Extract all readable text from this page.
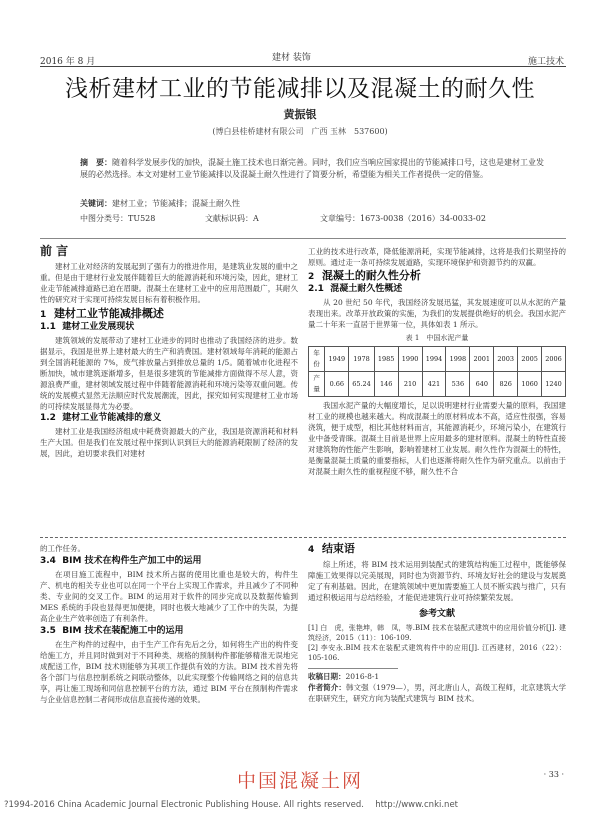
2016 年 8 月	建材 装饰	施工技术
浅析建材工业的节能减排以及混凝土的耐久性
黄振银
(博白县桂桥建材有限公司　广西 玉林　537600)
摘　要：随着科学发展步伐的加快，混凝土施工技术也日渐完善。同时，我们应当响应国家提出的节能减排口号，这也是建材工业发展的必然选择。本文对建材工业节能减排以及混凝土耐久性进行了简要分析，希望能为相关工作者提供一定的借鉴。
关键词：建材工业；节能减排；混凝土耐久性
中图分类号：TU528	文献标识码：A	文章编号：1673-0038（2016）34-0033-02
前 言

建材工业对经济的发展起到了强有力的推进作用，是建筑业发展的重中之重。但是由于建材行业发展伴随着巨大的能源消耗和环境污染，因此，建材工业走节能减排道路已迫在眉睫。混凝土在建材工业中的应用范围最广，其耐久性的研究对于实现可持续发展目标有着积极作用。

1 建材工业节能减排概述
1.1 建材工业发展现状

建筑领域的发展带动了建材工业进步的同时也推动了我国经济的进步。数据显示，我国是世界上建材最大的生产和消费国。建材领域每年消耗的能源占到全国消耗能源的 7%，废气排放量占到排放总量的 1/5。随着城市化进程不断加快，城市建筑逐渐增多，但是很多建筑的节能减排方面做得不尽人意，资源浪费严重，建材领域发展过程中伴随着能源消耗和环境污染等双重问题。传统的发展模式显然无法顺应时代发展潮流，因此，探究如何实现建材工业市场的可持续发展显得尤为必要。

1.2 建材工业节能减排的意义

建材工业是我国经济组成中耗费资源最大的产业，我国是资源消耗和材料生产大国。但是我们在发展过程中探到认识到巨大的能源消耗限制了经济的发展，因此，迫切要求我们对建材

工业的技术进行改革，降低能源消耗，实现节能减排，这将是我们长期坚持的原则。通过走一条可持续发展道路，实现环境保护和资源节约的双赢。

2 混凝土的耐久性分析
2.1 混凝土耐久性概述

从 20 世纪 50 年代，我国经济发展迅猛，其发展速度可以从水泥的产量表现出来。改革开放政策的实施，为我们的发展提供绝好的机会。我国水泥产量二十年来一直居于世界第一位，具体如表 1 所示。

表 1　中国水泥产量
年份	1949	1978	1985	1990	1994	1998	2001	2003	2005	2006
产量	0.66	65.24	146	210	421	536	640	826	1060	1240

我国水泥产量的大幅度增长，足以说明建材行业需要大量的原料，我国建材工业的规模也越来越大。构成混凝土的原材料成本不高，适应性很强，容易浇筑，便于成型，相比其他材料而言，其能源消耗少，环境污染小，在建筑行业中备受青睐。混凝土目前是世界上应用最多的建材原料。混凝土的特性直接对建筑物的性能产生影响，影响着建材工业发展。耐久性作为混凝土的特性，是衡量混凝土质量的重要指标，人们也逐渐将耐久性作为研究重点。以前由于对混凝土耐久性的重视程度不够，耐久性不合

的工作任务。

3.4 BIM 技术在构件生产加工中的运用

在项目施工流程中，BIM 技术所占据的使用比重也是较大的，构件生产、机电的相关专业也可以在同一个平台上实现工作需求，并且减少了不同种类、专业间的交叉工作。BIM 的运用对于软件的同步完成以及数据传输到 MES 系统的手段也显得更加便捷，同时也极大地减少了工作中的失误，为提高企业生产效率创造了有利条件。

3.5 BIM 技术在装配施工中的运用

在生产构件的过程中，由于生产工作有先后之分，如何将生产出的构件变给施工方，并且同时做到对于不同种类、规格的预制构件都能够精准无误地完成配送工作，BIM 技术则能够为其项工作提供有效的方法。BIM 技术首先将各个部门与信息控制系统之间联动整体，以此实现整个传输网络之间的信息共享，再让施工现场和同信息控制平台的方法，通过 BIM 平台在预制构件需求与企业信息控制二者间形成信息直接传递的效果。

4 结束语

综上所述，将 BIM 技术运用到装配式的建筑结构施工过程中，既能够保障施工效果得以完美展现，同时也为资源节约、环境友好社会的建设与发展奠定了有利基础。因此，在建筑领域中更加需要施工人员不断实践与推广，只有通过积极运用与总结经验，才能促进建筑行业可持续繁荣发展。

参考文献
[1] 白　虎，张艳坤，韩　凤，等.BIM 技术在装配式建筑中的应用价值分析[J]. 建筑经济，2015（11）：106-109.
[2] 李安永.BIM 技术在装配式建筑构件中的应用[J]. 江西建材，2016（22）：105-106.
收稿日期：2016-8-1
作者简介：韩文强（1979—），男，河北唐山人，高级工程师，北京建筑大学在职研究生，研究方向为装配式建筑与 BIM 技术。
· 33 ·
中国混凝土网
?1994-2016 China Academic Journal Electronic Publishing House. All rights reserved.　 http://www.cnki.net
